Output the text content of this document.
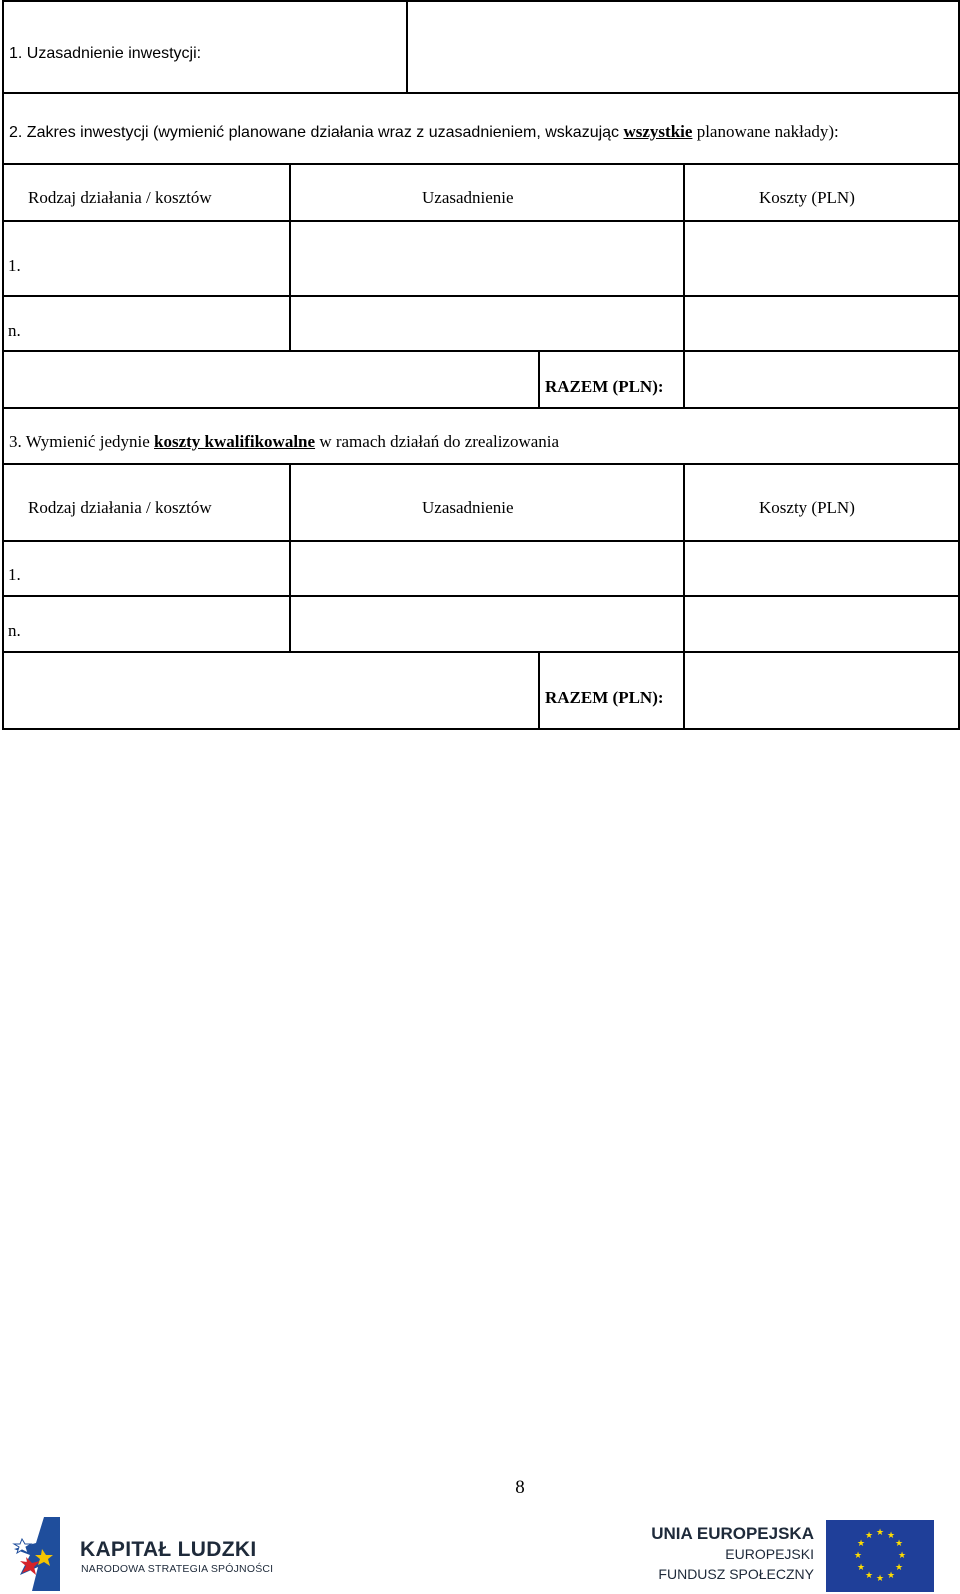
1. Uzasadnienie inwestycji:
2. Zakres inwestycji (wymienić planowane działania wraz z uzasadnieniem, wskazując wszystkie planowane nakłady):
Rodzaj działania / kosztów	Uzasadnienie	Koszty (PLN)
1.
n.
RAZEM (PLN):
3. Wymienić jedynie koszty kwalifikowalne w ramach działań do zrealizowania
Rodzaj działania / kosztów	Uzasadnienie	Koszty (PLN)
1.
n.
RAZEM (PLN):
8
KAPITAŁ LUDZKI
NARODOWA STRATEGIA SPÓJNOŚCI
UNIA EUROPEJSKA
EUROPEJSKI
FUNDUSZ SPOŁECZNY
★ ★
★
★
★
★
★
★
★
★
★
★
